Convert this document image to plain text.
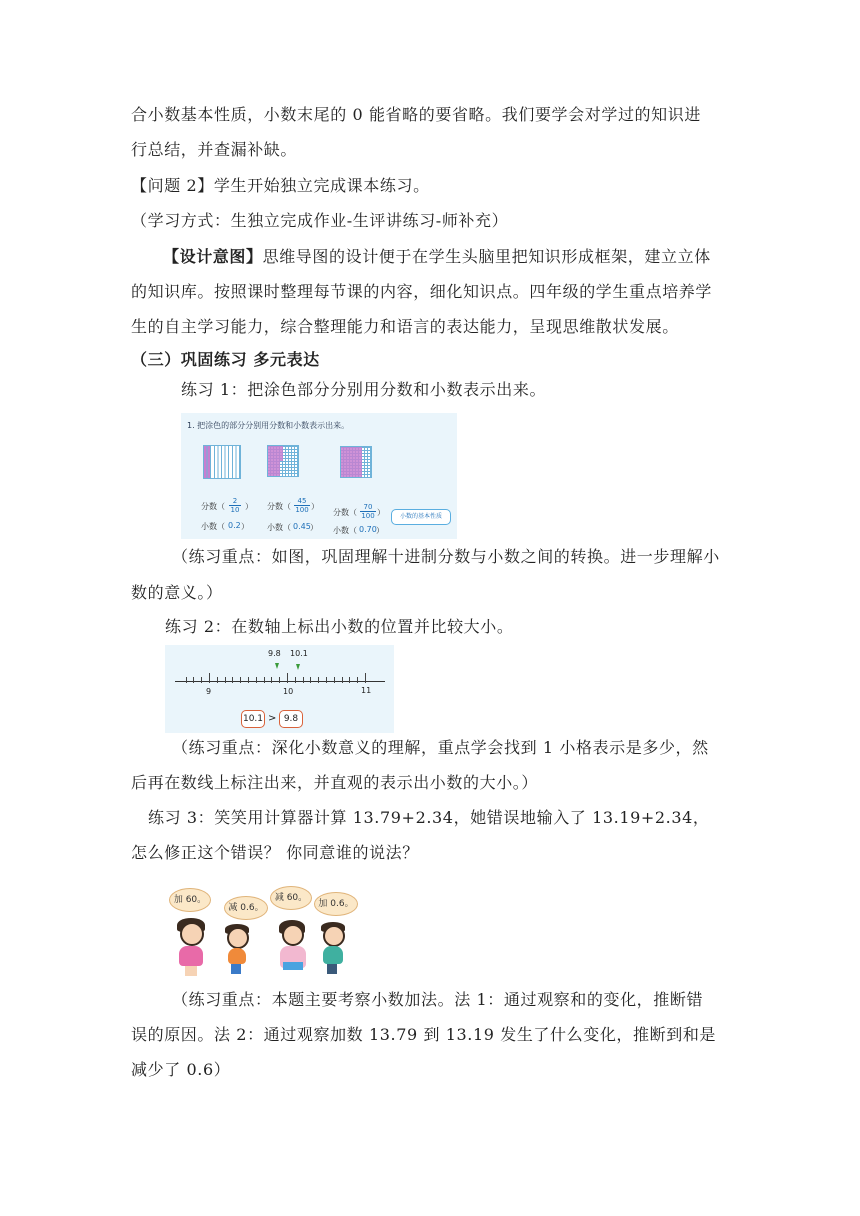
合小数基本性质，小数末尾的 0 能省略的要省略。我们要学会对学过的知识进
行总结，并查漏补缺。
【问题 2】学生开始独立完成课本练习。
（学习方式：生独立完成作业-生评讲练习-师补充）
【设计意图】思维导图的设计便于在学生头脑里把知识形成框架，建立立体
的知识库。按照课时整理每节课的内容，细化知识点。四年级的学生重点培养学
生的自主学习能力，综合整理能力和语言的表达能力，呈现思维散状发展。
（三）巩固练习 多元表达
练习 1：把涂色部分分别用分数和小数表示出来。
1. 把涂色的部分分别用分数和小数表示出来。
分数（
2
10 ）
小数（ 0.2 ）
分数（
45
100 ）
小数（ 0.45 ）
分数（
70
100 ）
小数（ 0.70 ）
小数的基本性质
（练习重点：如图，巩固理解十进制分数与小数之间的转换。进一步理解小
数的意义。）
练习 2：在数轴上标出小数的位置并比较大小。
9.8 10.1
9	10	11
10.1 > 9.8
（练习重点：深化小数意义的理解，重点学会找到 1 小格表示是多少，然
后再在数线上标注出来，并直观的表示出小数的大小。）
练习 3：笑笑用计算器计算 13.79+2.34，她错误地输入了 13.19+2.34，
怎么修正这个错误？ 你同意谁的说法？
加 60。
减 0.6。
减 60。
加 0.6。
（练习重点：本题主要考察小数加法。法 1：通过观察和的变化，推断错
误的原因。法 2：通过观察加数 13.79 到 13.19 发生了什么变化，推断到和是
减少了 0.6）
